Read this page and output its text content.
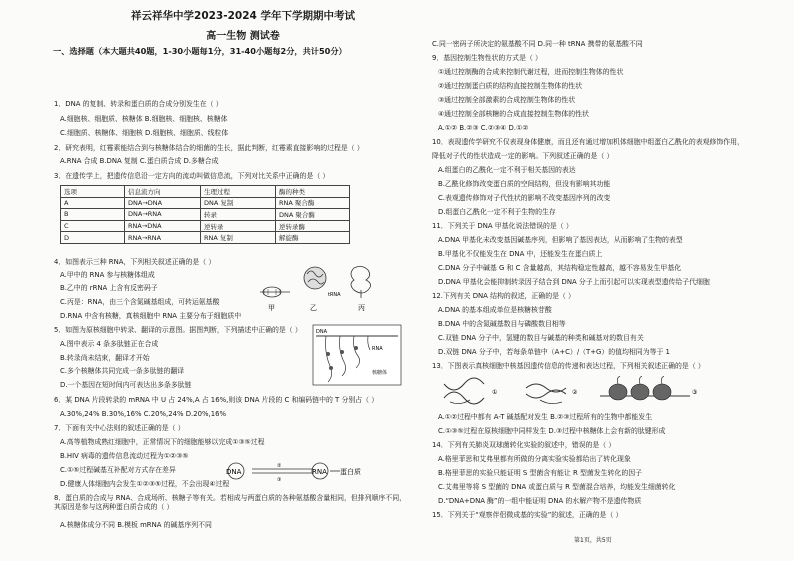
祥云祥华中学2023-2024 学年下学期期中考试
高一生物 测试卷
一、选择题（本大题共40题，1-30小题每1分，31-40小题每2分，共计50分）
1．DNA 的复制、转录和蛋白质的合成分别发生在（ ）
A.细胞核、细胞质、核糖体 B.细胞核、细胞核、核糖体
C.细胞质、核糖体、细胞核 D.细胞核、细胞质、线粒体
2．研究表明，红霉素能结合到与核糖体结合的细菌的生长，据此判断，红霉素直接影响的过程是（ ）
A.RNA 合成 B.DNA 复制 C.蛋白质合成 D.多糖合成
3．在遗传学上，把遗传信息沿一定方向的流动叫做信息流，下列对比关系中正确的是（ ）
4．如图表示三种 RNA，下列相关叙述正确的是（ ）
A.甲中的 RNA 参与核糖体组成
B.乙中的 rRNA 上含有反密码子
C.丙是：RNA，由三个含氮碱基组成，可转运氨基酸
D.RNA 中含有核糖，真核细胞中 RNA 主要分布于细胞质中
5．如图为原核细胞中转录、翻译的示意图。据图判断，下列描述中正确的是（ ）
A.图中表示 4 条多肽链正在合成
B.转录尚未结束，翻译才开始
C.多个核糖体共同完成一条多肽链的翻译
D.一个基因在短时间内可表达出多条多肽链
6．某 DNA 片段转录的 mRNA 中 U 占 24%,A 占 16%,则该 DNA 片段的 C 和编码链中的 T 分别占（ ）
A.30%,24% B.30%,16% C.20%,24% D.20%,16%
7．下面有关中心法则的叙述正确的是（ ）
A.高等植物成熟红细胞中，正常情况下的细胞能够以完成①③⑤过程
B.HIV 病毒的遗传信息流动过程为①②③⑤
C.①⑤过程碱基互补配对方式存在差异
D.健康人体细胞内会发生①②③⑤过程，不会出现④过程
8．蛋白质的合成与 RNA、合成场所、核糖子等有关。若相成与两蛋白质的各种氨基酸含量相同，但排列顺序不同，其原因是参与这两种蛋白质合成的（ ）
A.核糖体成分不同 B.模板 mRNA 的碱基序列不同
选项	信息流方向	生理过程	酶的种类
A	DNA→DNA	DNA 复制	RNA 聚合酶
B	DNA→RNA	转录	DNA 聚合酶
C	RNA→DNA	逆转录	逆转录酶
D	RNA→RNA	RNA 复制	解旋酶
甲	乙
tRNA
丙
DNA
RNA
核糖体
DNA
②
③
RNA 蛋白质
C.同一密码子所决定的氨基酸不同 D.同一种 tRNA 携带的氨基酸不同
9．基因控制生物性状的方式是（ ）
①通过控制酶的合成来控制代谢过程，进而控制生物体的性状
②通过控制蛋白质的结构直接控制生物体的性状
③通过控制全部激素的合成控制生物体的性状
④通过控制全部核糖的合成直接控制生物体的性状
A.①② B.②③ C.②③④ D.①②
10．表现遗传学研究不仅表现身体健康，而且还有通过增加机体细胞中组蛋白乙酰化的表观修饰作用，
降低对子代的性状造成一定的影响。下列叙述正确的是（ ）
A.组蛋白的乙酰化一定不利于相关基因的表达
B.乙酰化修饰改变蛋白质的空间结构，但没有影响其功能
C.表观遗传修饰对子代性状的影响不改变基因序列的改变
D.组蛋白乙酰化一定不利于生物的生存
11．下列关于 DNA 甲基化说法错误的是（ ）
A.DNA 甲基化未改变基因碱基序列，但影响了基因表达，从而影响了生物的表型
B.甲基化不仅能发生在 DNA 中，还能发生在蛋白质上
C.DNA 分子中碱基 G 和 C 含量越高，其结构稳定性越高，越不容易发生甲基化
D.DNA 甲基化会能抑制转录因子结合到 DNA 分子上而引起可以实现表型遗传给子代细胞
12.下列有关 DNA 结构的叙述，正确的是（ ）
A.DNA 的基本组成单位是核糖核苷酸
B.DNA 中的含氮碱基数目与磷酸数目相等
C.双链 DNA 分子中，氢键的数目与碱基的种类和碱基对的数目有关
D.双链 DNA 分子中，若每条单链中（A+C）/（T+G）的值均相同为等于 1
13．下图表示真核细胞中核基因遗传信息的传递和表达过程，下列相关叙述正确的是（ ）
A.①②过程中都有 A-T 碱基配对发生 B.②③过程所有的生物中都能发生
C.①③⑤过程在原核细胞中同样发生 D.③过程中核糖体上会有新的肽键形成
14．下列有关肺炎双球菌转化实验的叙述中，错误的是（ ）
A.格里菲思和艾弗里都有所做的分离实验实验都给出了转化现象
B.格里菲思的实验只能证明 S 型菌含有能让 R 型菌发生转化的因子
C.艾弗里等将 S 型菌的 DNA 或蛋白质与 R 型菌混合培养，均能发生细菌转化
D.“DNA+DNA 酶”的一组中能证明 DNA 的水解产物不是遗传物质
15．下列关于“观察伴侣微成基的实验”的叙述，正确的是（ ）
①	②	③
第1页，共5页
